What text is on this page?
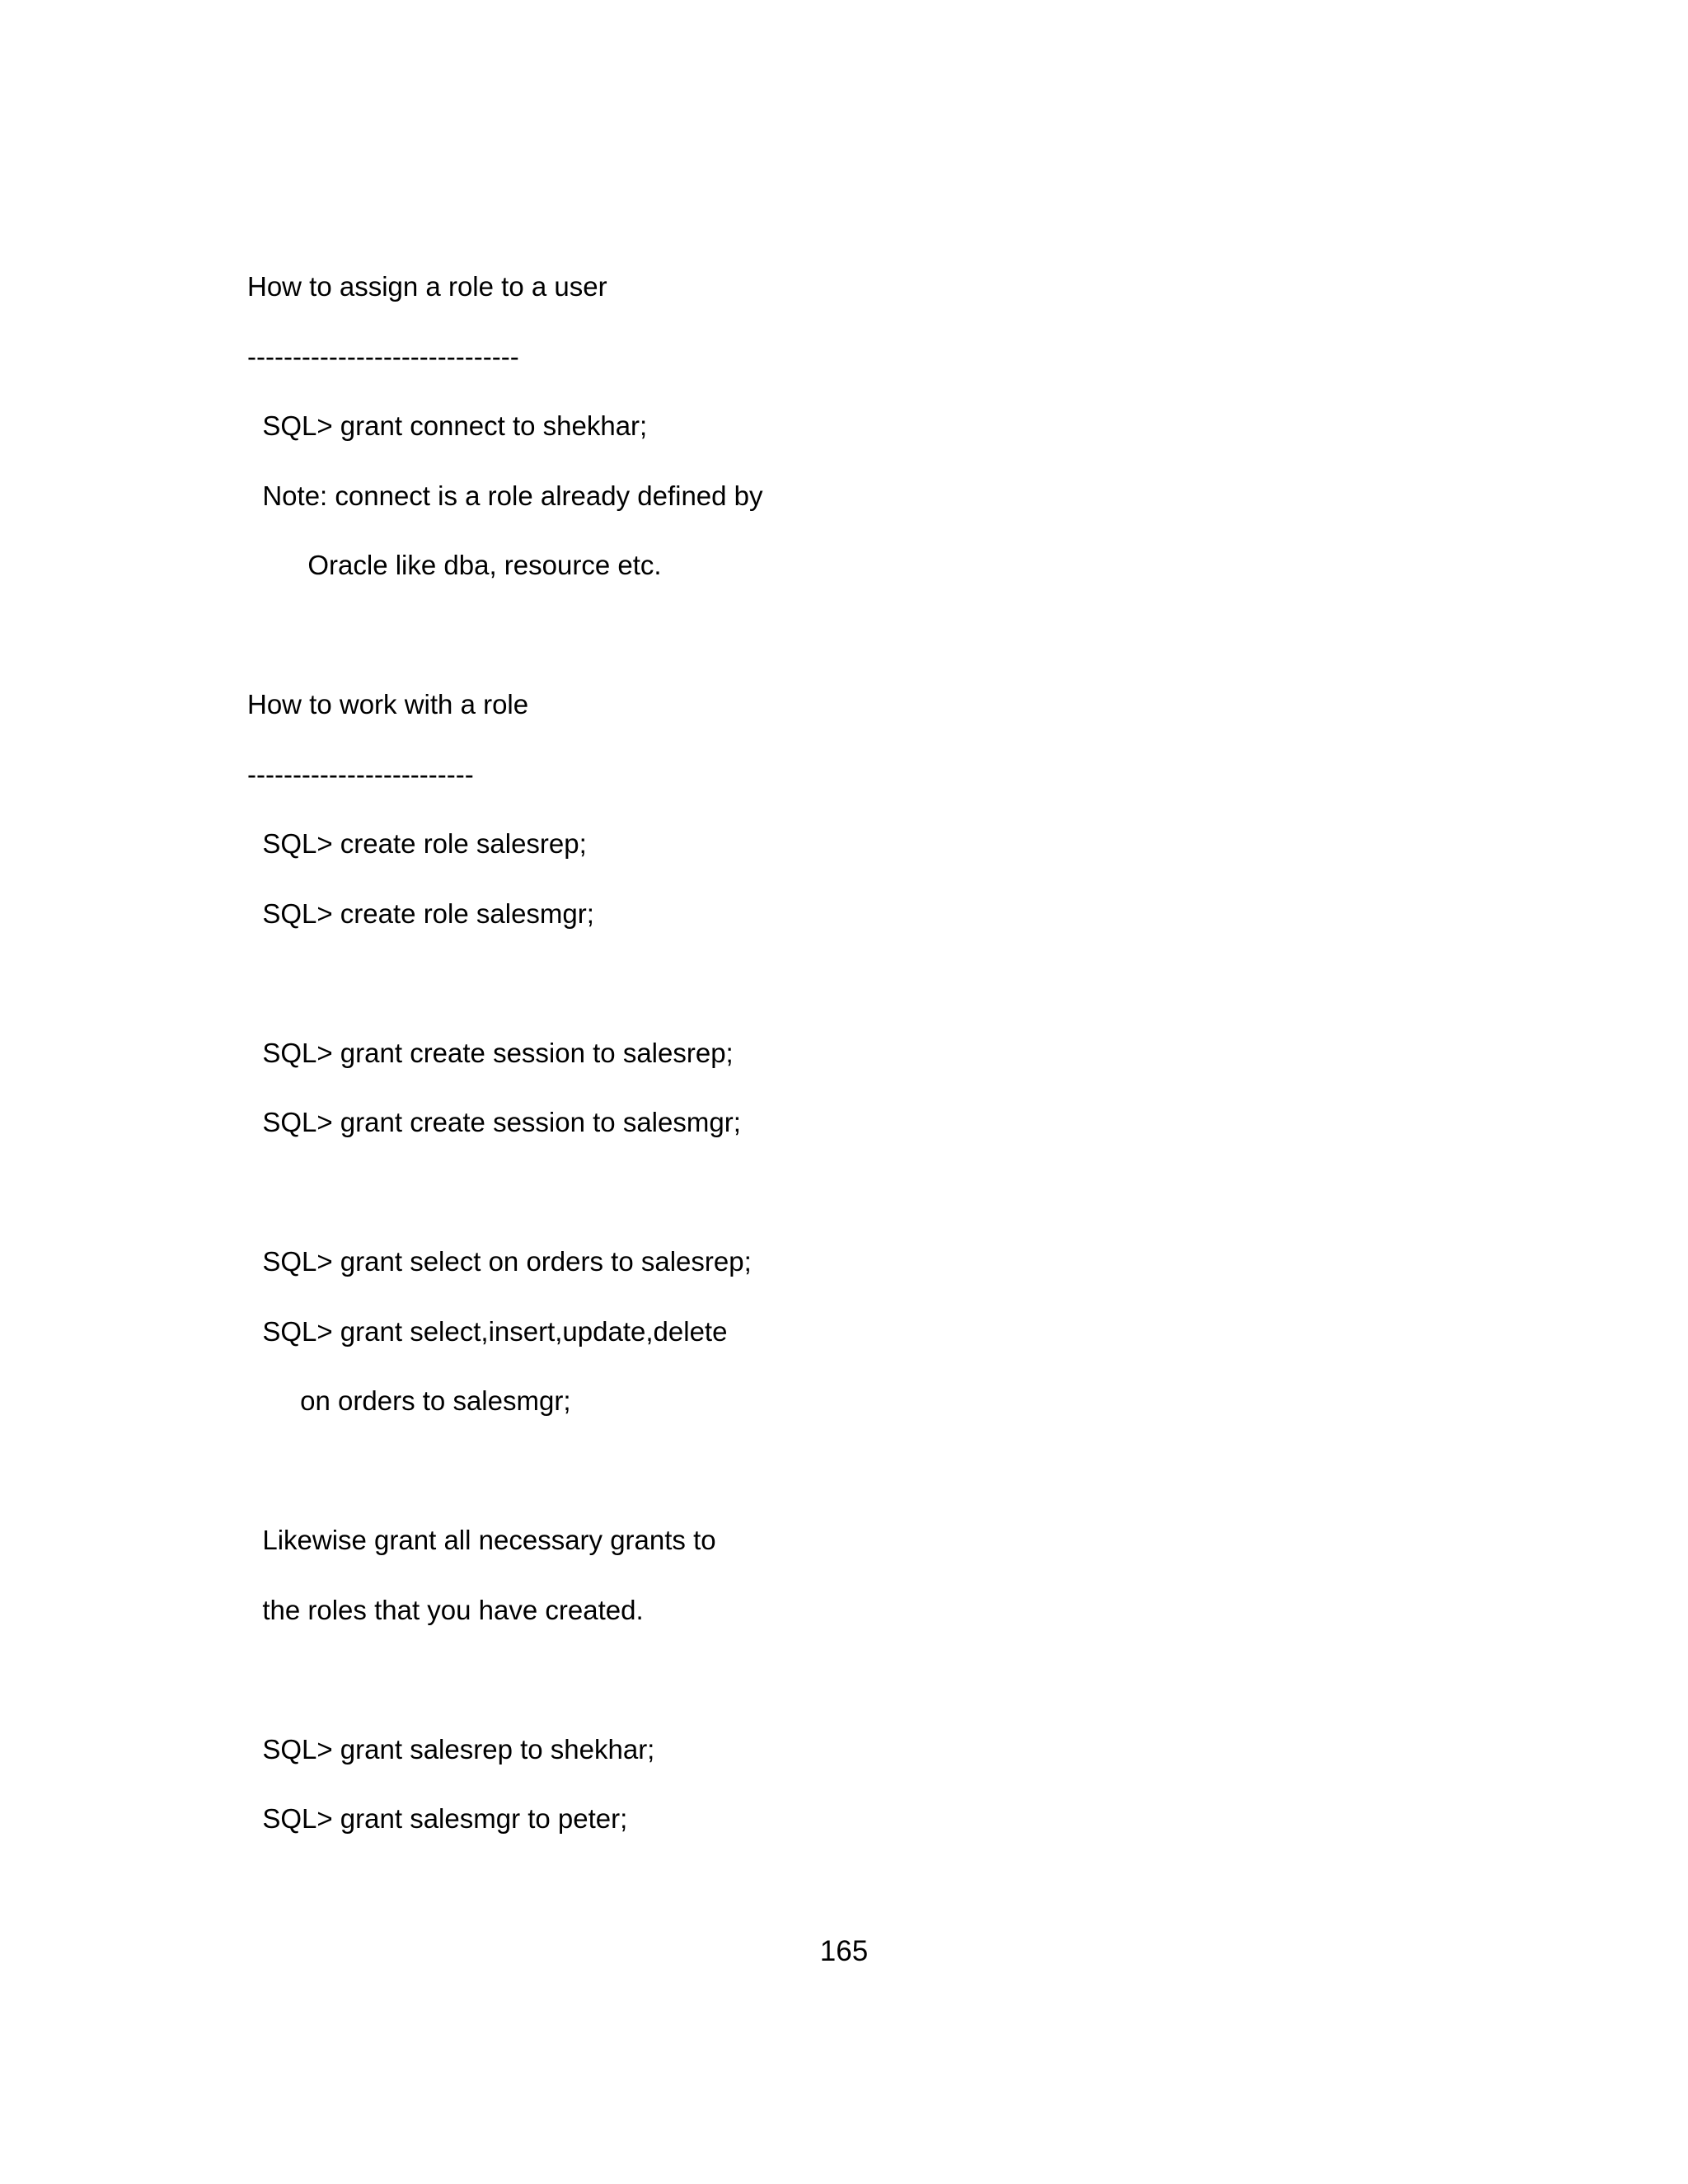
How to assign a role to a user
------------------------------
SQL> grant connect to shekhar;
Note: connect is a role already defined by
Oracle like dba, resource etc.
How to work with a role
-------------------------
SQL> create role salesrep;
SQL> create role salesmgr;
SQL> grant create session to salesrep;
SQL> grant create session to salesmgr;
SQL> grant select on orders to salesrep;
SQL> grant select,insert,update,delete
on orders to salesmgr;
Likewise grant all necessary grants to
the roles that you have created.
SQL> grant salesrep to shekhar;
SQL> grant salesmgr to peter;
165
